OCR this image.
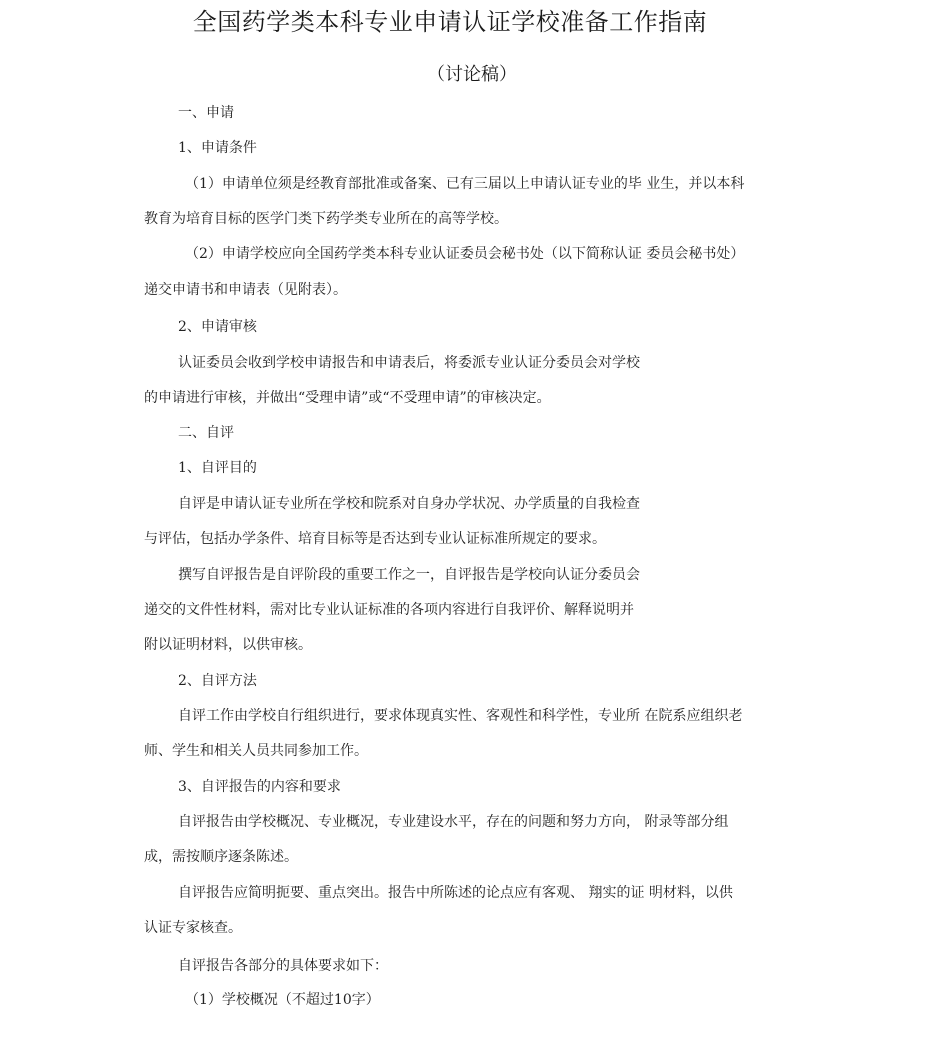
全国药学类本科专业申请认证学校准备工作指南
（讨论稿）
一、申请
1、申请条件
（1）申请单位须是经教育部批准或备案、已有三届以上申请认证专业的毕 业生，并以本科
教育为培育目标的医学门类下药学类专业所在的高等学校。
（2）申请学校应向全国药学类本科专业认证委员会秘书处（以下简称认证 委员会秘书处）
递交申请书和申请表（见附表）。
2、申请审核
认证委员会收到学校申请报告和申请表后，将委派专业认证分委员会对学校
的申请进行审核，并做出“受理申请”或“不受理申请”的审核决定。
二、自评
1、自评目的
自评是申请认证专业所在学校和院系对自身办学状况、办学质量的自我检查
与评估，包括办学条件、培育目标等是否达到专业认证标准所规定的要求。
撰写自评报告是自评阶段的重要工作之一，自评报告是学校向认证分委员会
递交的文件性材料，需对比专业认证标准的各项内容进行自我评价、解释说明并
附以证明材料，以供审核。
2、自评方法
自评工作由学校自行组织进行，要求体现真实性、客观性和科学性，专业所 在院系应组织老
师、学生和相关人员共同参加工作。
3、自评报告的内容和要求
自评报告由学校概况、专业概况，专业建设水平，存在的问题和努力方向， 附录等部分组
成，需按顺序逐条陈述。
自评报告应简明扼要、重点突出。报告中所陈述的论点应有客观、 翔实的证 明材料，以供
认证专家核查。
自评报告各部分的具体要求如下：
（1）学校概况（不超过10字）
